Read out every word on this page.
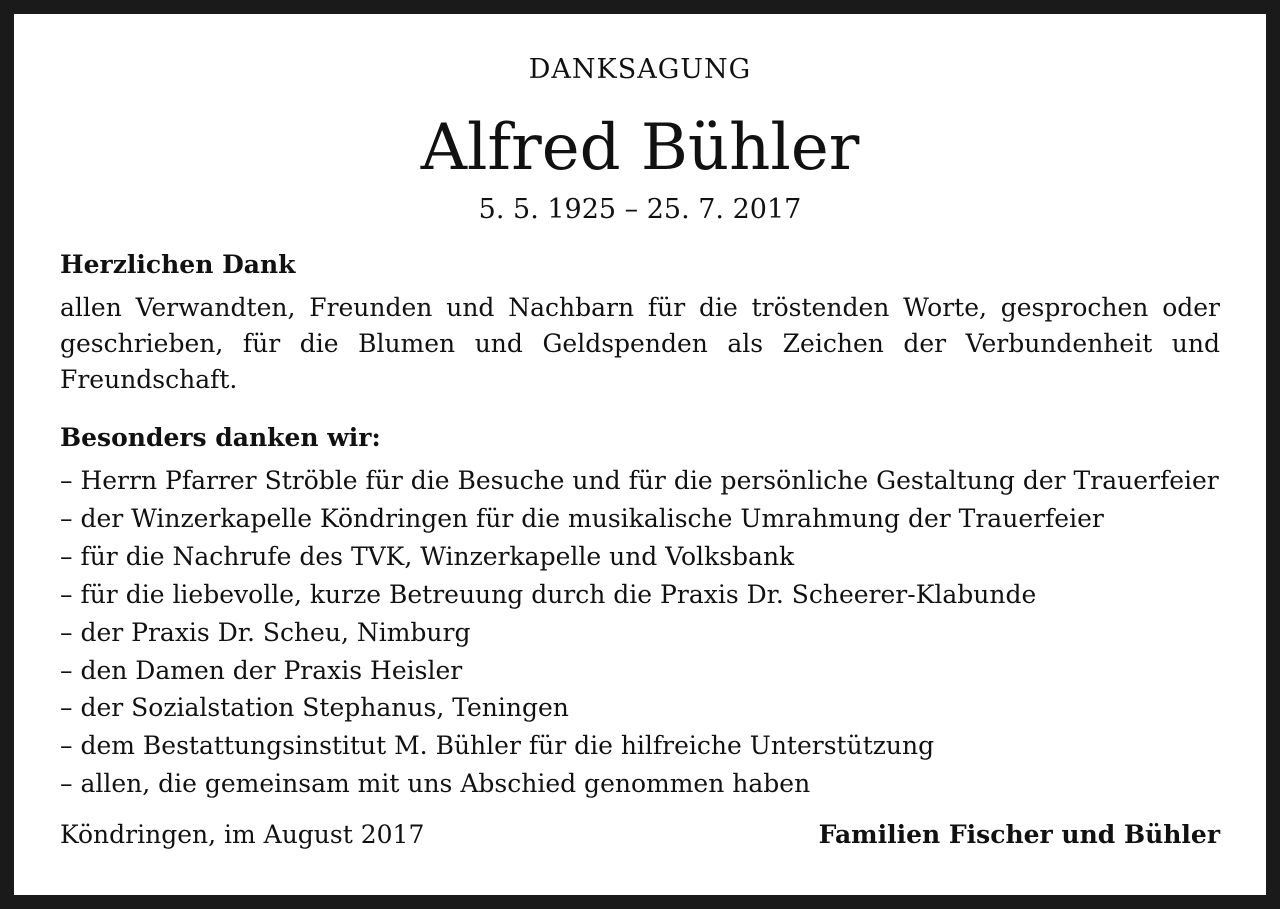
DANKSAGUNG
Alfred Bühler
5. 5. 1925 – 25. 7. 2017
Herzlichen Dank
allen Verwandten, Freunden und Nachbarn für die tröstenden Worte, gesprochen oder geschrieben, für die Blumen und Geldspenden als Zeichen der Verbundenheit und Freundschaft.
Besonders danken wir:
– Herrn Pfarrer Ströble für die Besuche und für die persönliche Gestaltung der Trauerfeier
– der Winzerkapelle Köndringen für die musikalische Umrahmung der Trauerfeier
– für die Nachrufe des TVK, Winzerkapelle und Volksbank
– für die liebevolle, kurze Betreuung durch die Praxis Dr. Scheerer-Klabunde
– der Praxis Dr. Scheu, Nimburg
– den Damen der Praxis Heisler
– der Sozialstation Stephanus, Teningen
– dem Bestattungsinstitut M. Bühler für die hilfreiche Unterstützung
– allen, die gemeinsam mit uns Abschied genommen haben
Köndringen, im August 2017	Familien Fischer und Bühler
